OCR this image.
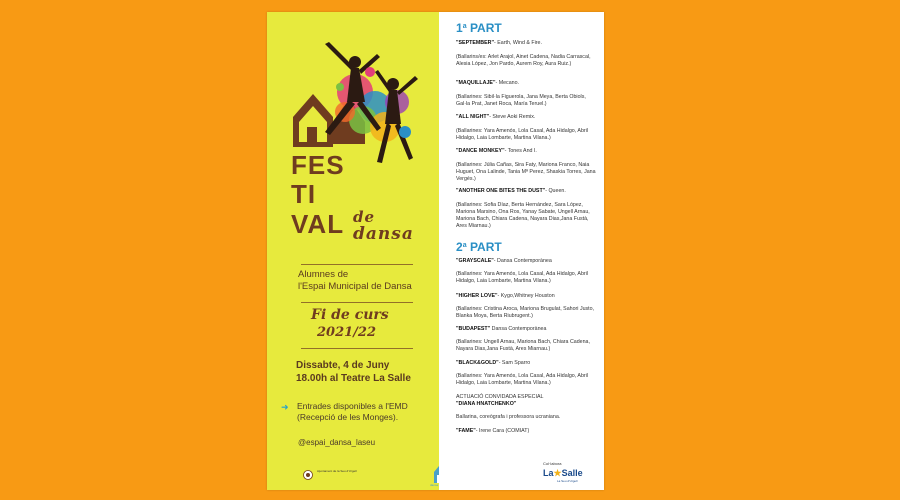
FES
TI
VAL de
dansa
Alumnes de
l'Espai Municipal de Dansa
Fi de curs
2021/22
Dissabte, 4 de Juny
18.00h al Teatre La Salle
➜ Entrades disponibles a l'EMD
(Recepció de les Monges).
@espai_dansa_laseu
Ajuntament de la Seu d'Urgell
dansa
1$^a$ PART
"SEPTEMBER"- Earth, Wind & Fire.
(Ballarins/es: Arlet Arajol, Ainet Cadena, Nadia Carrascal, Alesia López, Jon Pardo, Aurem Roy, Aura Ruiz.)
"MAQUILLAJE"- Mecano.
(Ballarines: Sibil·la Figuerola, Jana Meya, Berta Obiols, Gal·la Prat, Janet Roca, María Teruel.)
"ALL NIGHT"- Steve Aoki Remix.
(Ballarines: Yara Amenós, Lola Casal, Ada Hidalgo, Abril Hidalgo, Laia Lombarte, Martina Vilana.)
"DANCE MONKEY"- Tones And I.
(Ballarines: Júlia Cañas, Sira Faty, Mariona Franco, Naia Huguet, Ona Lalinde, Tania Mª Perez, Shaskia Torres, Jana Vergés.)
"ANOTHER ONE BITES THE DUST"- Queen.
(Ballarines: Sofia Díaz, Berta Hernández, Sara López, Mariona Marsino, Ona Ros, Yanay Sabate, Ungell Arnau, Mariona Bach, Chiara Cadena, Nayara Dias,Jana Fustà, Ares Miarnau.)
2$^a$ PART
"GRAYSCALE"- Dansa Contemporànea
(Ballarines: Yara Amenós, Lola Casal, Ada Hidalgo, Abril Hidalgo, Laia Lombarte, Martina Vilana.)
"HIGHER LOVE"- Kygo,Whitney Houston
(Ballarines: Cristina Aroca, Mariona Brugulat, Sahori Justo, Blanka Moya, Berta Riubrugent.)
"BUDAPEST" Dansa Contemporànea
(Ballarines: Ungell Arnau, Mariona Bach, Chiara Cadena, Nayara Dias,Jana Fustà, Ares Miarnau.)
"BLACK&GOLD"- Sam Sparro
(Ballarines: Yara Amenós, Lola Casal, Ada Hidalgo, Abril Hidalgo, Laia Lombarte, Martina Vilana.)
ACTUACIÓ CONVIDADA ESPECIAL
"DIANA HNATCHENKO"
Ballarina, coreògrafa i professora ucraniana.
"FAME"- Irene Cara (COMIAT)
Col·labora
La★Salle
La Seu d'Urgell
